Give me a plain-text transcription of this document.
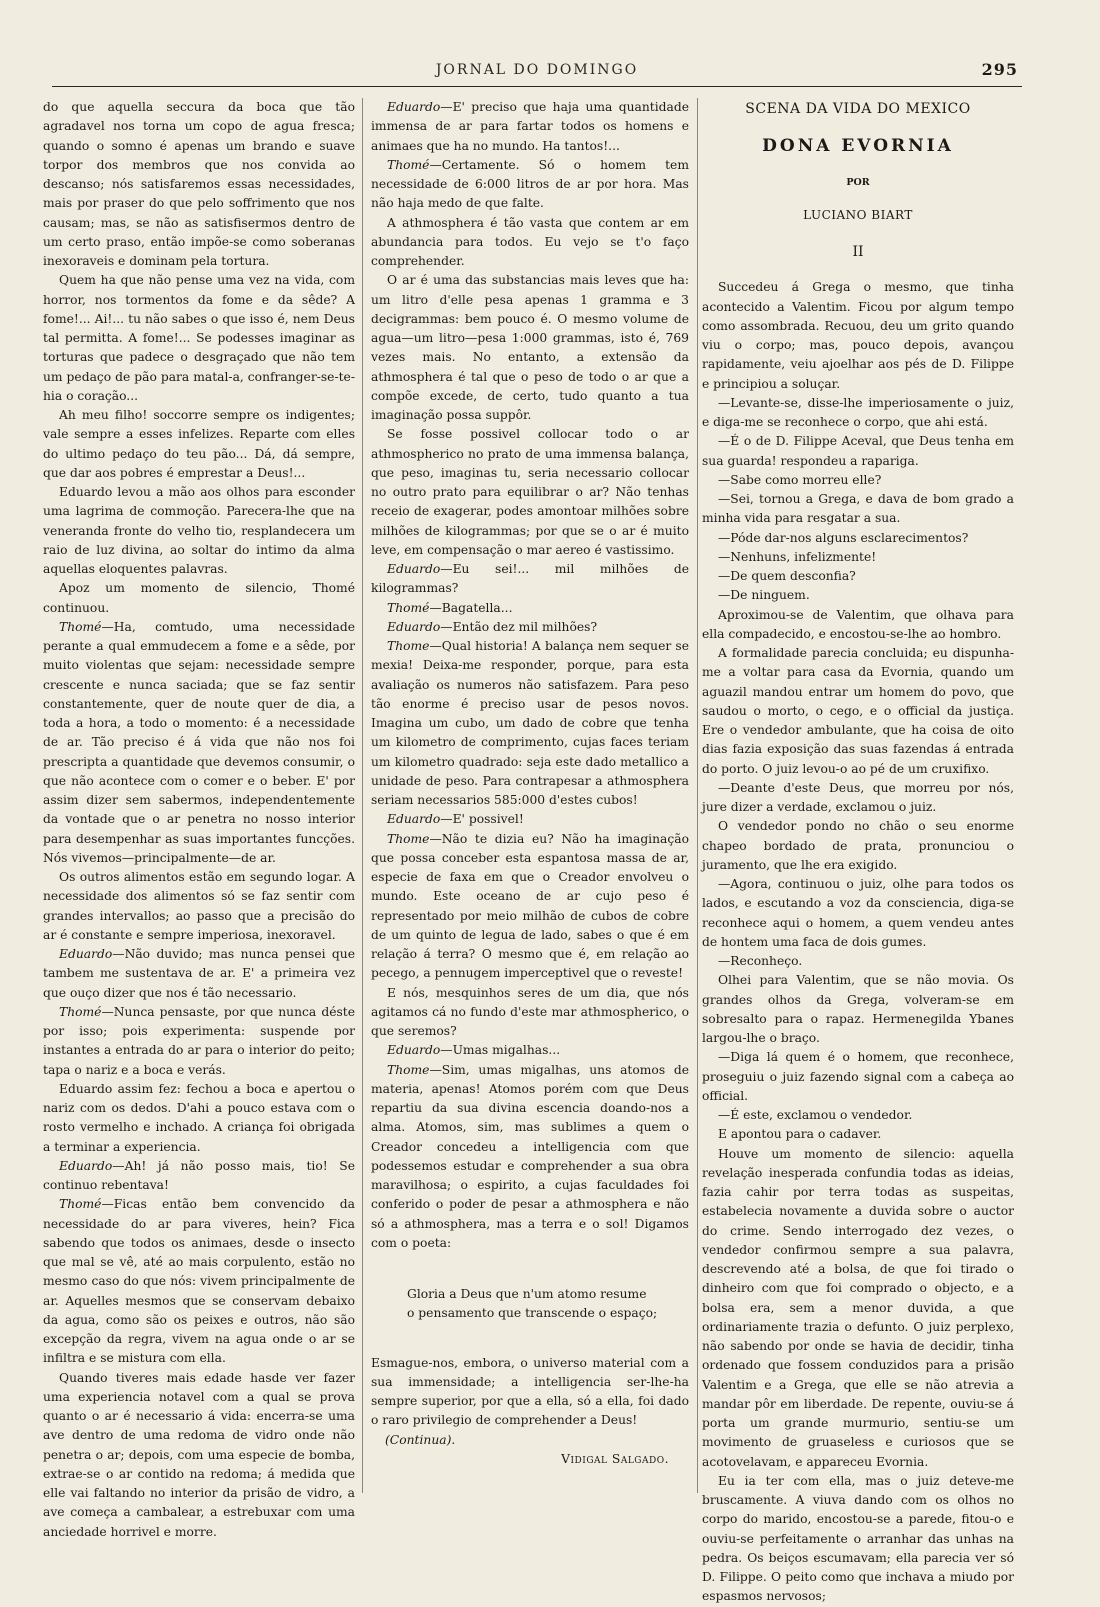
JORNAL DO DOMINGO	295

do que aquella seccura da boca que tão agradavel nos torna um copo de agua fresca; quando o somno é apenas um brando e suave torpor dos membros que nos convida ao descanso; nós satisfaremos essas necessidades, mais por praser do que pelo soffrimento que nos causam; mas, se não as satisfisermos dentro de um certo praso, então impõe-se como soberanas inexoraveis e dominam pela tortura.

Quem ha que não pense uma vez na vida, com horror, nos tormentos da fome e da sêde? A fome!... Ai!... tu não sabes o que isso é, nem Deus tal permitta. A fome!... Se podesses imaginar as torturas que padece o desgraçado que não tem um pedaço de pão para matal-a, confranger-se-te-hia o coração...

Ah meu filho! soccorre sempre os indigentes; vale sempre a esses infelizes. Reparte com elles do ultimo pedaço do teu pão... Dá, dá sempre, que dar aos pobres é emprestar a Deus!...

Eduardo levou a mão aos olhos para esconder uma lagrima de commoção. Parecera-lhe que na veneranda fronte do velho tio, resplandecera um raio de luz divina, ao soltar do intimo da alma aquellas eloquentes palavras.

Apoz um momento de silencio, Thomé continuou.

Thomé—Ha, comtudo, uma necessidade perante a qual emmudecem a fome e a sêde, por muito violentas que sejam: necessidade sempre crescente e nunca saciada; que se faz sentir constantemente, quer de noute quer de dia, a toda a hora, a todo o momento: é a necessidade de ar. Tão preciso é á vida que não nos foi prescripta a quantidade que devemos consumir, o que não acontece com o comer e o beber. E' por assim dizer sem sabermos, independentemente da vontade que o ar penetra no nosso interior para desempenhar as suas importantes funcções. Nós vivemos—principalmente—de ar.

Os outros alimentos estão em segundo logar. A necessidade dos alimentos só se faz sentir com grandes intervallos; ao passo que a precisão do ar é constante e sempre imperiosa, inexoravel.

Eduardo—Não duvido; mas nunca pensei que tambem me sustentava de ar. E' a primeira vez que ouço dizer que nos é tão necessario.

Thomé—Nunca pensaste, por que nunca déste por isso; pois experimenta: suspende por instantes a entrada do ar para o interior do peito; tapa o nariz e a boca e verás.

Eduardo assim fez: fechou a boca e apertou o nariz com os dedos. D'ahi a pouco estava com o rosto vermelho e inchado. A criança foi obrigada a terminar a experiencia.

Eduardo—Ah! já não posso mais, tio! Se continuo rebentava!

Thomé—Ficas então bem convencido da necessidade do ar para viveres, hein? Fica sabendo que todos os animaes, desde o insecto que mal se vê, até ao mais corpulento, estão no mesmo caso do que nós: vivem principalmente de ar. Aquelles mesmos que se conservam debaixo da agua, como são os peixes e outros, não são excepção da regra, vivem na agua onde o ar se infiltra e se mistura com ella.

Quando tiveres mais edade hasde ver fazer uma experiencia notavel com a qual se prova quanto o ar é necessario á vida: encerra-se uma ave dentro de uma redoma de vidro onde não penetra o ar; depois, com uma especie de bomba, extrae-se o ar contido na redoma; á medida que elle vai faltando no interior da prisão de vidro, a ave começa a cambalear, a estrebuxar com uma anciedade horrivel e morre.

Eduardo—E' preciso que haja uma quantidade immensa de ar para fartar todos os homens e animaes que ha no mundo. Ha tantos!...

Thomé—Certamente. Só o homem tem necessidade de 6:000 litros de ar por hora. Mas não haja medo de que falte.

A athmosphera é tão vasta que contem ar em abundancia para todos. Eu vejo se t'o faço comprehender.

O ar é uma das substancias mais leves que ha: um litro d'elle pesa apenas 1 gramma e 3 decigrammas: bem pouco é. O mesmo volume de agua—um litro—pesa 1:000 grammas, isto é, 769 vezes mais. No entanto, a extensão da athmosphera é tal que o peso de todo o ar que a compõe excede, de certo, tudo quanto a tua imaginação possa suppôr.

Se fosse possivel collocar todo o ar athmospherico no prato de uma immensa balança, que peso, imaginas tu, seria necessario collocar no outro prato para equilibrar o ar? Não tenhas receio de exagerar, podes amontoar milhões sobre milhões de kilogrammas; por que se o ar é muito leve, em compensação o mar aereo é vastissimo.

Eduardo—Eu sei!... mil milhões de kilogrammas?

Thomé—Bagatella...

Eduardo—Então dez mil milhões?

Thome—Qual historia! A balança nem sequer se mexia! Deixa-me responder, porque, para esta avaliação os numeros não satisfazem. Para peso tão enorme é preciso usar de pesos novos. Imagina um cubo, um dado de cobre que tenha um kilometro de comprimento, cujas faces teriam um kilometro quadrado: seja este dado metallico a unidade de peso. Para contrapesar a athmosphera seriam necessarios 585:000 d'estes cubos!

Eduardo—E' possivel!

Thome—Não te dizia eu? Não ha imaginação que possa conceber esta espantosa massa de ar, especie de faxa em que o Creador envolveu o mundo. Este oceano de ar cujo peso é representado por meio milhão de cubos de cobre de um quinto de legua de lado, sabes o que é em relação á terra? O mesmo que é, em relação ao pecego, a pennugem imperceptivel que o reveste!

E nós, mesquinhos seres de um dia, que nós agitamos cá no fundo d'este mar athmospherico, o que seremos?

Eduardo—Umas migalhas...

Thome—Sim, umas migalhas, uns atomos de materia, apenas! Atomos porém com que Deus repartiu da sua divina escencia doando-nos a alma. Atomos, sim, mas sublimes a quem o Creador concedeu a intelligencia com que podessemos estudar e comprehender a sua obra maravilhosa; o espirito, a cujas faculdades foi conferido o poder de pesar a athmosphera e não só a athmosphera, mas a terra e o sol! Digamos com o poeta:

Gloria a Deus que n'um atomo resume

o pensamento que transcende o espaço;

Esmague-nos, embora, o universo material com a sua immensidade; a intelligencia ser-lhe-ha sempre superior, por que a ella, só a ella, foi dado o raro privilegio de comprehender a Deus!

(Continua).

Vidigal Salgado.

SCENA DA VIDA DO MEXICO
DONA EVORNIA
POR
LUCIANO BIART
II

Succedeu á Grega o mesmo, que tinha acontecido a Valentim. Ficou por algum tempo como assombrada. Recuou, deu um grito quando viu o corpo; mas, pouco depois, avançou rapidamente, veiu ajoelhar aos pés de D. Filippe e principiou a soluçar.

—Levante-se, disse-lhe imperiosamente o juiz, e diga-me se reconhece o corpo, que ahi está.

—É o de D. Filippe Aceval, que Deus tenha em sua guarda! respondeu a raparigа.

—Sabe como morreu elle?

—Sei, tornou a Grega, e dava de bom grado a minha vida para resgatar a sua.

—Póde dar-nos alguns esclarecimentos?

—Nenhuns, infelizmente!

—De quem desconfia?

—De ninguem.

Aproximou-se de Valentim, que olhava para ella compadecido, e encostou-se-lhe ao hombro.

A formalidade parecia concluida; eu dispunha-me a voltar para casa da Evornia, quando um aguazil mandou entrar um homem do povo, que saudou o morto, o cego, e o official da justiça. Ere o vendedor ambulante, que ha coisa de oito dias fazia exposição das suas fazendas á entrada do porto. O juiz levou-o ao pé de um cruxifixo.

—Deante d'este Deus, que morreu por nós, jure dizer a verdade, exclamou o juiz.

O vendedor pondo no chão o seu enorme chapeo bordado de prata, pronunciou o juramento, que lhe era exigido.

—Agora, continuou o juiz, olhe para todos os lados, e escutando a voz da consciencia, diga-se reconhece aqui o homem, a quem vendeu antes de hontem uma faca de dois gumes.

—Reconheço.

Olhei para Valentim, que se não movia. Os grandes olhos da Grega, volveram-se em sobresalto para o rapaz. Hermenegilda Ybanes largou-lhe o braço.

—Diga lá quem é o homem, que reconhece, proseguiu o juiz fazendo signal com a cabeça ao official.

—É este, exclamou o vendedor.

E apontou para o cadaver.

Houve um momento de silencio: aquella revelação inesperada confundia todas as ideias, fazia cahir por terra todas as suspeitas, estabelecia novamente a duvida sobre o auctor do crime. Sendo interrogado dez vezes, o vendedor confirmou sempre a sua palavra, descrevendo até a bolsa, de que foi tirado o dinheiro com que foi comprado o objecto, e a bolsa era, sem a menor duvida, a que ordinariamente trazia o defunto. O juiz perplexo, não sabendo por onde se havia de decidir, tinha ordenado que fossem conduzidos para a prisão Valentim e a Grega, que elle se não atrevia a mandar pôr em liberdade. De repente, ouviu-se á porta um grande murmurio, sentiu-se um movimento de gruaseless e curiosos que se acotovelavam, e appareceu Evornia.

Eu ia ter com ella, mas o juiz deteve-me bruscamente. A viuva dando com os olhos no corpo do marido, encostou-se a parede, fitou-o e ouviu-se perfeitamente o arranhar das unhas na pedra. Os beiços escumavam; ella parecia ver só D. Filippe. O peito como que inchava a miudo por espasmos nervosos;
